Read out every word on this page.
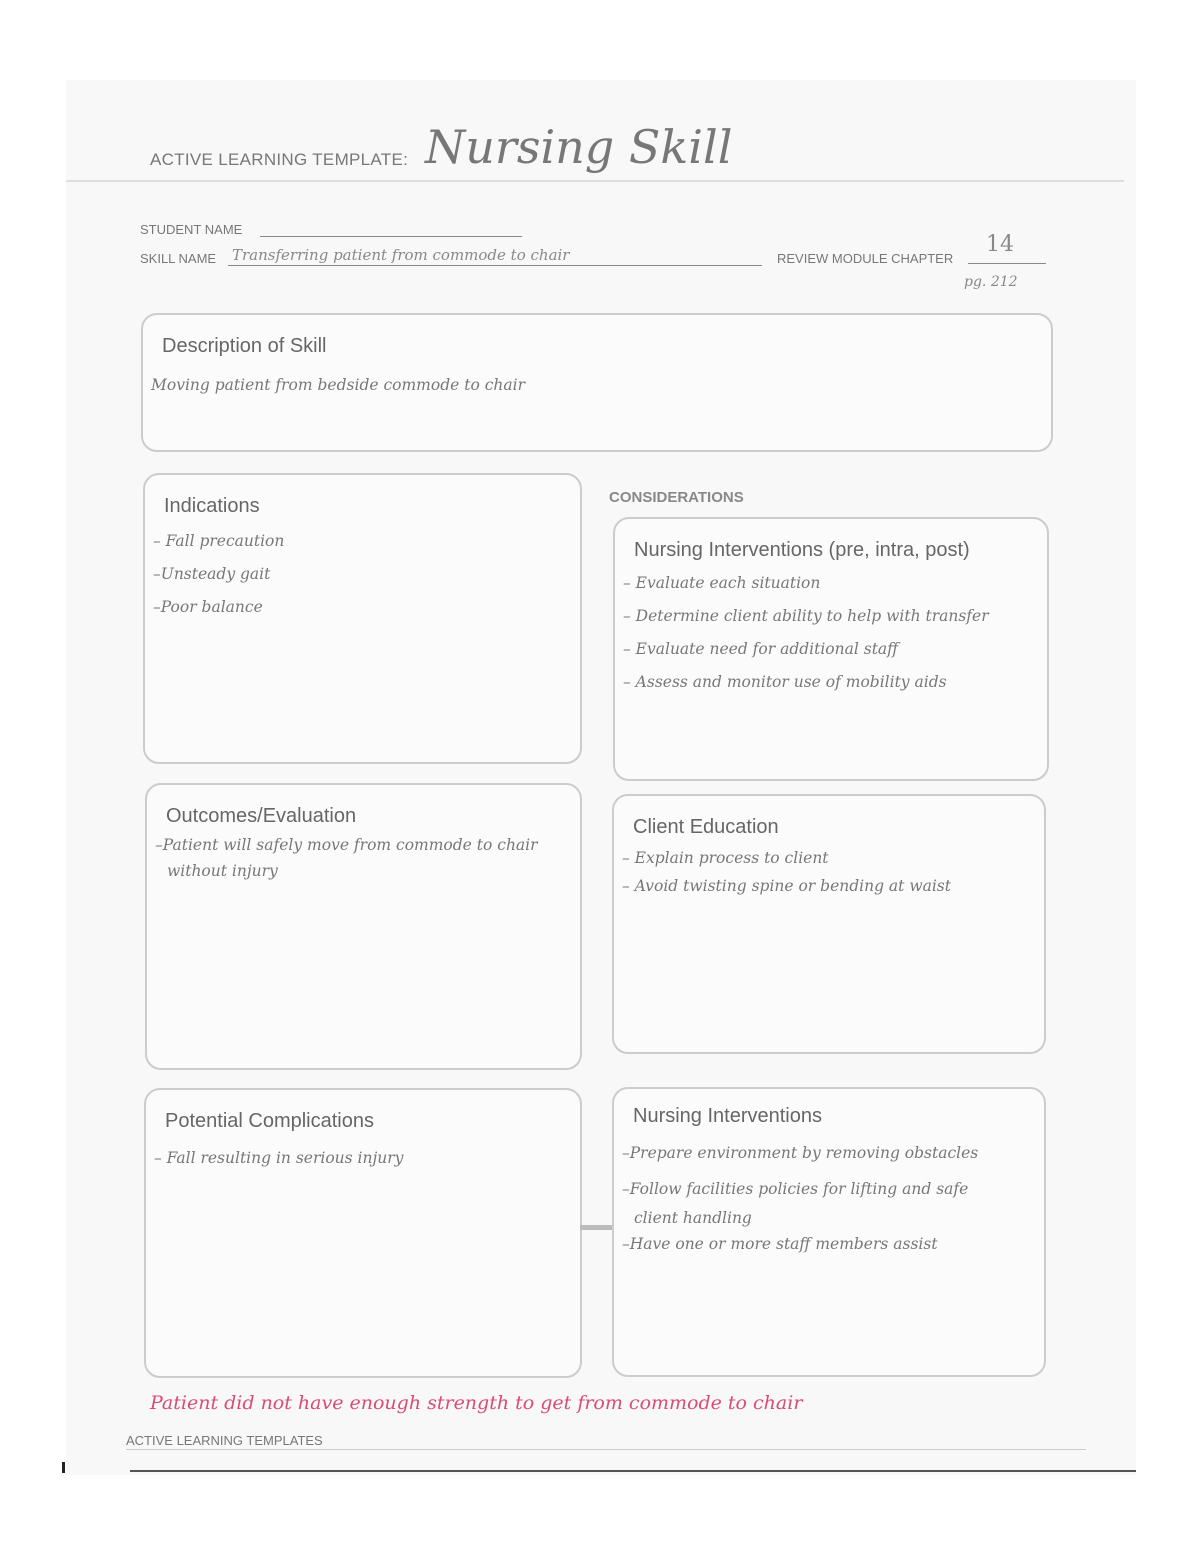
ACTIVE LEARNING TEMPLATE: Nursing Skill
STUDENT NAME
SKILL NAME Transferring patient from commode to chair	REVIEW MODULE CHAPTER
14
pg. 212
Description of Skill
Moving patient from bedside commode to chair
Indications
– Fall precaution
–Unsteady gait
–Poor balance
CONSIDERATIONS
Nursing Interventions (pre, intra, post)
– Evaluate each situation
– Determine client ability to help with transfer
– Evaluate need for additional staff
– Assess and monitor use of mobility aids
Outcomes/Evaluation
–Patient will safely move from commode to chair
without injury
Client Education
– Explain process to client
– Avoid twisting spine or bending at waist
Potential Complications
– Fall resulting in serious injury
Nursing Interventions
–Prepare environment by removing obstacles
–Follow facilities policies for lifting and safe
client handling
–Have one or more staff members assist
Patient did not have enough strength to get from commode to chair
ACTIVE LEARNING TEMPLATES
